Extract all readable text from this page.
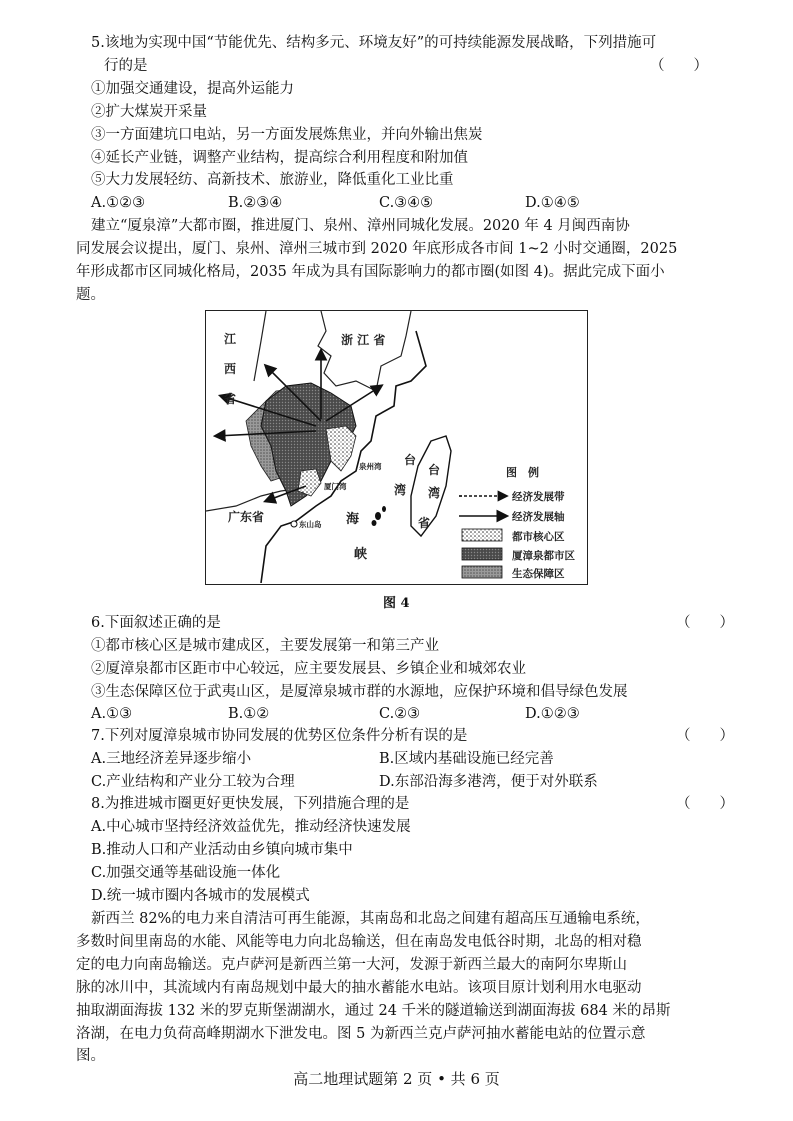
5.该地为实现中国“节能优先、结构多元、环境友好”的可持续能源发展战略，下列措施可
行的是	（　　）
①加强交通建设，提高外运能力
②扩大煤炭开采量
③一方面建坑口电站，另一方面发展炼焦业，并向外输出焦炭
④延长产业链，调整产业结构，提高综合利用程度和附加值
⑤大力发展轻纺、高新技术、旅游业，降低重化工业比重
A.①②③	B.②③④	C.③④⑤	D.①④⑤
建立“厦泉漳”大都市圈，推进厦门、泉州、漳州同城化发展。2020 年 4 月闽西南协
同发展会议提出，厦门、泉州、漳州三城市到 2020 年底形成各市间 1~2 小时交通圈，2025
年形成都市区同城化格局，2035 年成为具有国际影响力的都市圈(如图 4)。据此完成下面小
题。
江
西
省
浙 江 省
广东省	海
峡
台
湾
台
湾
省
泉州湾
厦门湾
东山岛
图　例
经济发展带
经济发展轴
都市核心区
厦漳泉都市区
生态保障区
图 4
6.下面叙述正确的是	（　　）
①都市核心区是城市建成区，主要发展第一和第三产业
②厦漳泉都市区距市中心较远，应主要发展县、乡镇企业和城郊农业
③生态保障区位于武夷山区，是厦漳泉城市群的水源地，应保护环境和倡导绿色发展
A.①③	B.①②	C.②③	D.①②③
7.下列对厦漳泉城市协同发展的优势区位条件分析有误的是	（　　）
A.三地经济差异逐步缩小	B.区域内基础设施已经完善
C.产业结构和产业分工较为合理	D.东部沿海多港湾，便于对外联系
8.为推进城市圈更好更快发展，下列措施合理的是	（　　）
A.中心城市坚持经济效益优先，推动经济快速发展
B.推动人口和产业活动由乡镇向城市集中
C.加强交通等基础设施一体化
D.统一城市圈内各城市的发展模式
新西兰 82%的电力来自清洁可再生能源，其南岛和北岛之间建有超高压互通输电系统，
多数时间里南岛的水能、风能等电力向北岛输送，但在南岛发电低谷时期，北岛的相对稳
定的电力向南岛输送。克卢萨河是新西兰第一大河，发源于新西兰最大的南阿尔卑斯山
脉的冰川中，其流域内有南岛规划中最大的抽水蓄能水电站。该项目原计划利用水电驱动
抽取湖面海拔 132 米的罗克斯堡湖湖水，通过 24 千米的隧道输送到湖面海拔 684 米的昂斯
洛湖，在电力负荷高峰期湖水下泄发电。图 5 为新西兰克卢萨河抽水蓄能电站的位置示意
图。
高二地理试题第 2 页 • 共 6 页
